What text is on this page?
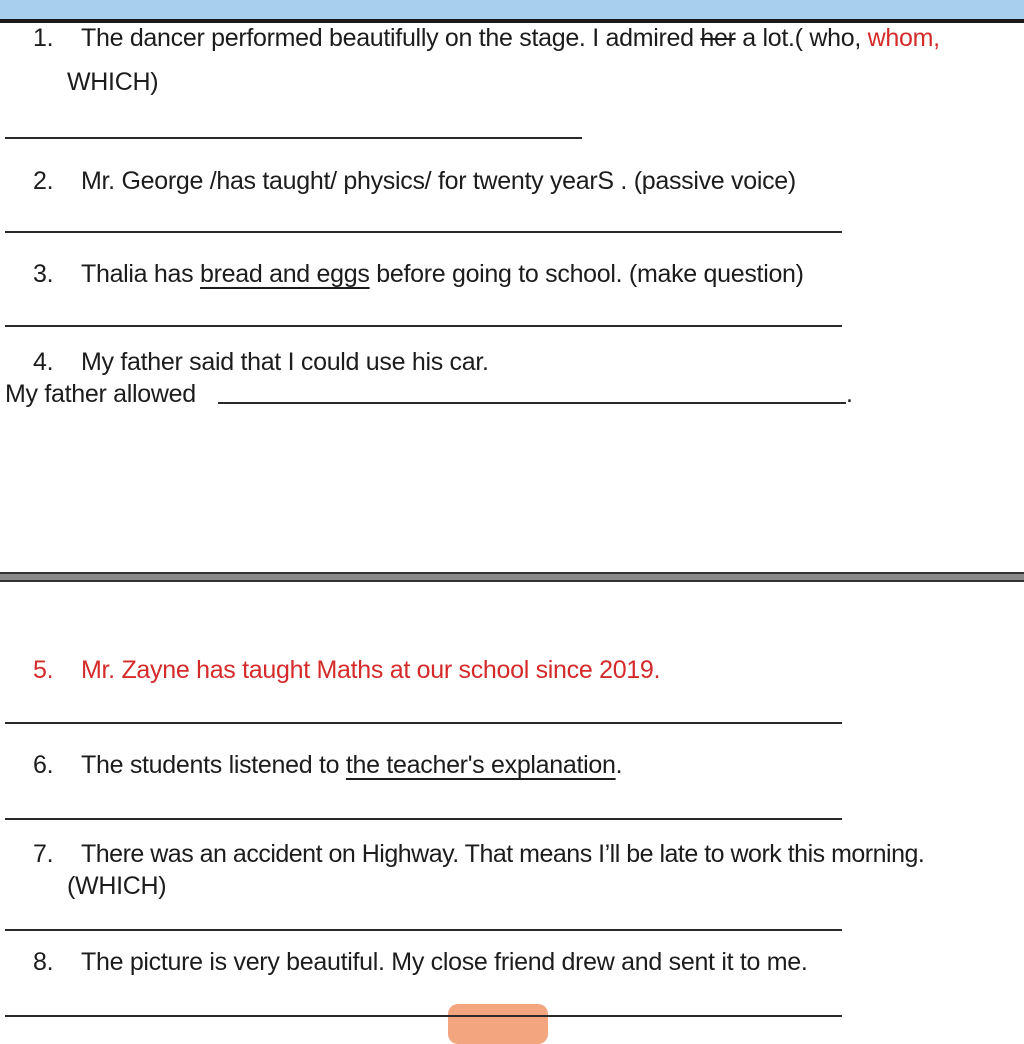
1. The dancer performed beautifully on the stage. I admired her a lot.( who, whom,
WHICH)
2. Mr. George /has taught/ physics/ for twenty yearS . (passive voice)
3. Thalia has bread and eggs before going to school. (make question)
4. My father said that I could use his car.
My father allowed	.
5. Mr. Zayne has taught Maths at our school since 2019.
6. The students listened to the teacher's explanation.
7. There was an accident on Highway. That means I’ll be late to work this morning.
(WHICH)
8. The picture is very beautiful. My close friend drew and sent it to me.
